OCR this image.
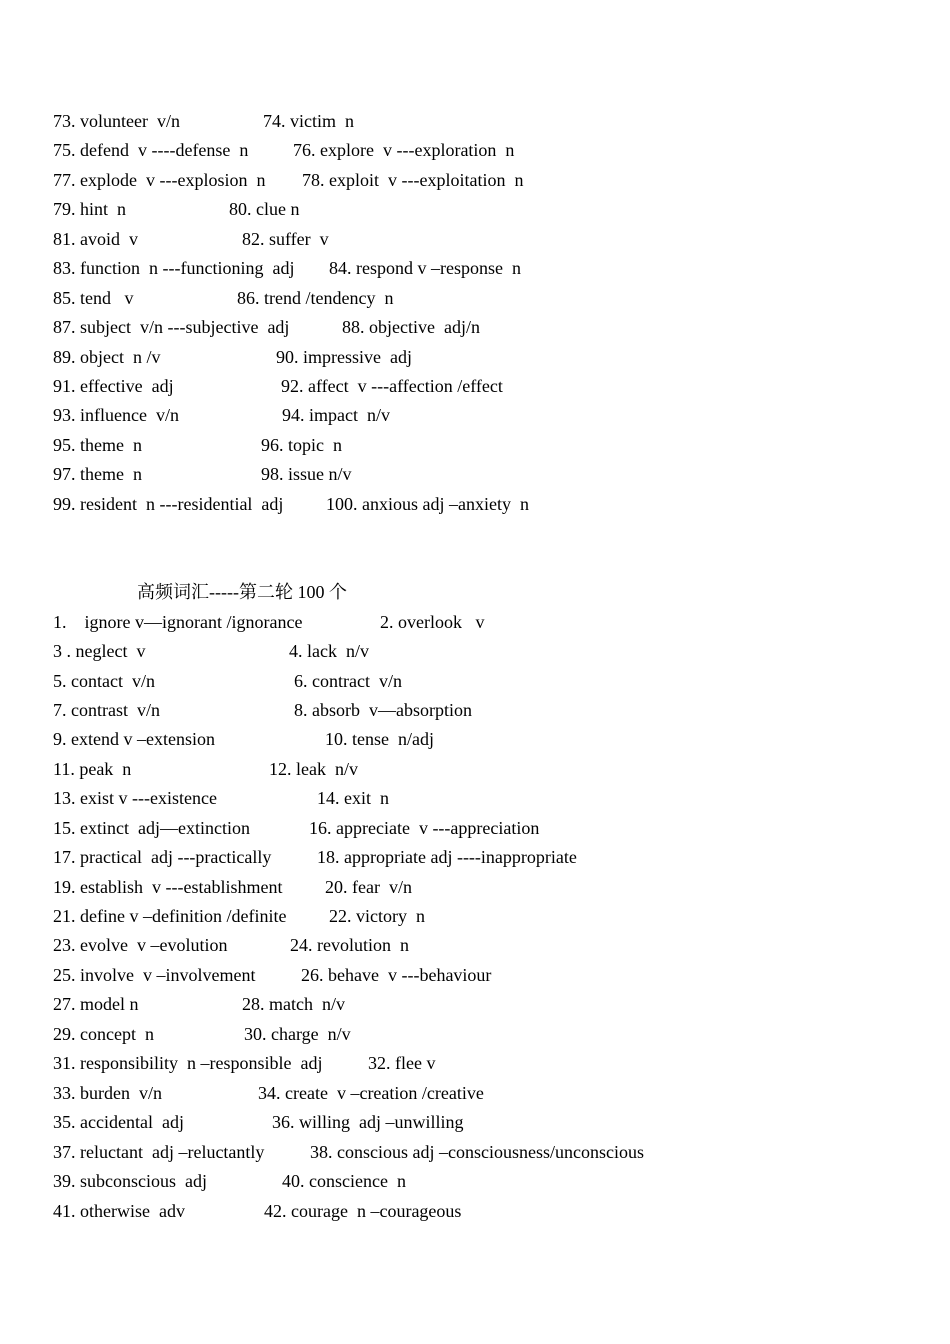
73. volunteer  v/n	74. victim  n
75. defend  v ----defense  n 76. explore  v ---exploration  n
77. explode  v ---explosion  n 78. exploit  v ---exploitation  n
79. hint  n	80. clue n
81. avoid  v	82. suffer  v
83. function  n ---functioning  adj 84. respond v –response  n
85. tend   v	86. trend /tendency  n
87. subject  v/n ---subjective  adj	88. objective  adj/n
89. object  n /v	90. impressive  adj
91. effective  adj	92. affect  v ---affection /effect
93. influence  v/n	94. impact  n/v
95. theme  n	96. topic  n
97. theme  n	98. issue n/v
99. resident  n ---residential  adj 100. anxious adj –anxiety  n
高频词汇-----第二轮 100 个
1.    ignore v—ignorant /ignorance	2. overlook   v
3 . neglect  v	4. lack  n/v
5. contact  v/n	6. contract  v/n
7. contrast  v/n	8. absorb  v—absorption
9. extend v –extension	10. tense  n/adj
11. peak  n	12. leak  n/v
13. exist v ---existence	14. exit  n
15. extinct  adj—extinction	16. appreciate  v ---appreciation
17. practical  adj ---practically	18. appropriate adj ----inappropriate
19. establish  v ---establishment 20. fear  v/n
21. define v –definition /definite 22. victory  n
23. evolve  v –evolution	24. revolution  n
25. involve  v –involvement	26. behave  v ---behaviour
27. model n	28. match  n/v
29. concept  n	30. charge  n/v
31. responsibility  n –responsible  adj	32. flee v
33. burden  v/n	34. create  v –creation /creative
35. accidental  adj	36. willing  adj –unwilling
37. reluctant  adj –reluctantly	38. conscious adj –consciousness/unconscious
39. subconscious  adj	40. conscience  n
41. otherwise  adv	42. courage  n –courageous
